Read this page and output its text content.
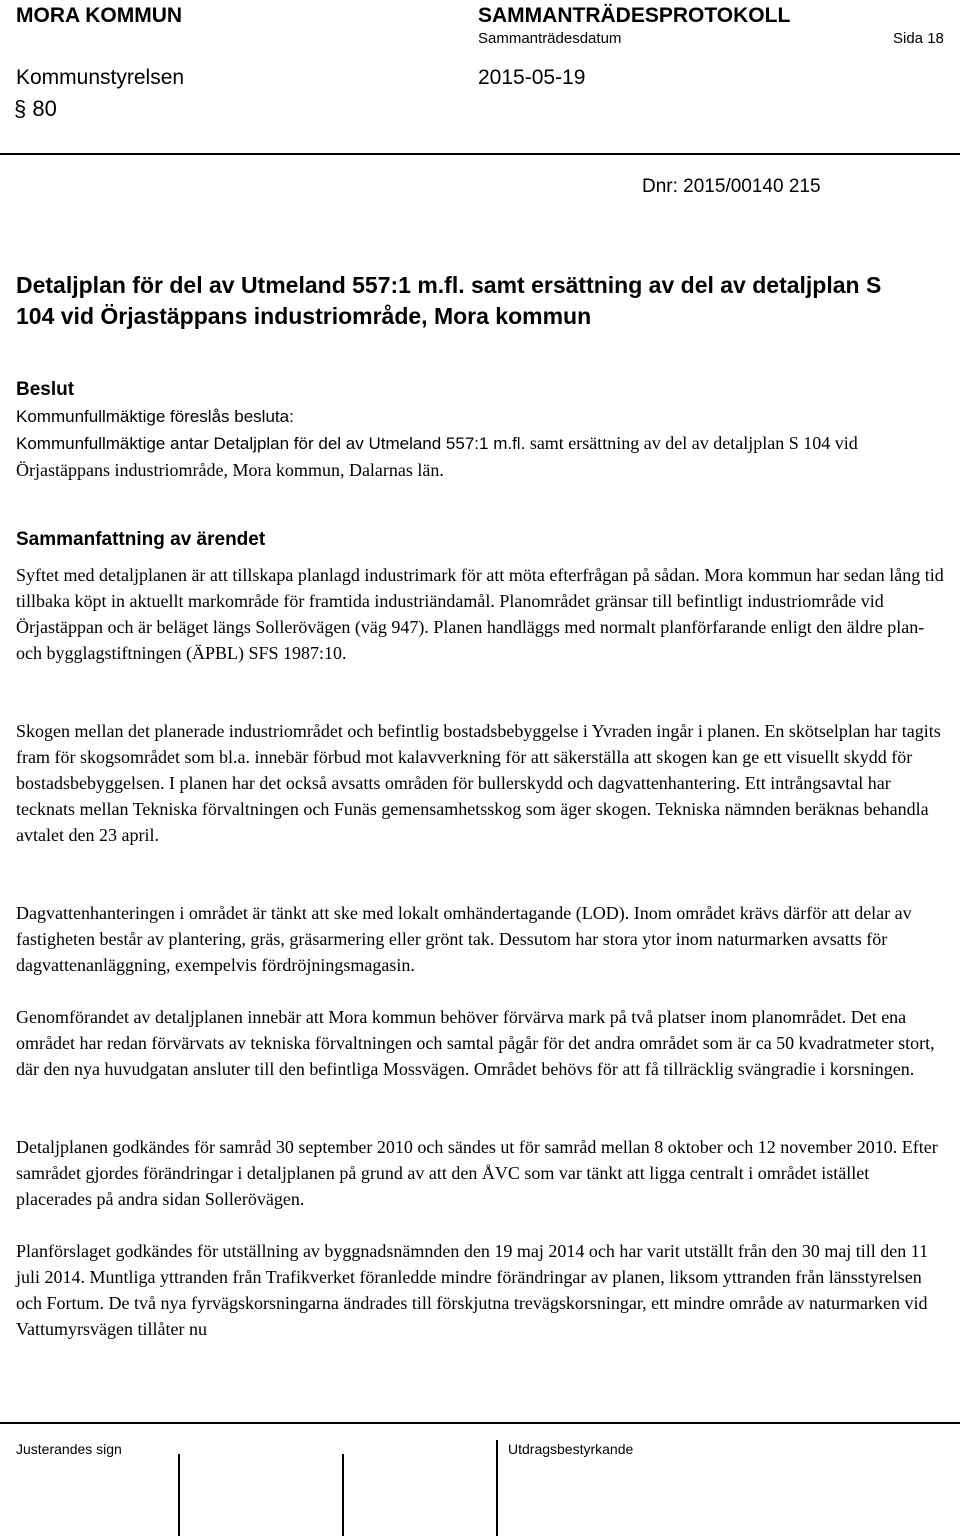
MORA KOMMUN	SAMMANTRÄDESPROTOKOLL
Sammanträdesdatum	Sida 18
Kommunstyrelsen	2015-05-19
§ 80
Dnr: 2015/00140 215
Detaljplan för del av Utmeland 557:1 m.fl. samt ersättning av del av detaljplan S 104 vid Örjastäppans industriområde, Mora kommun
Beslut
Kommunfullmäktige föreslås besluta:
Kommunfullmäktige antar Detaljplan för del av Utmeland 557:1 m.fl. samt ersättning av del av detaljplan S 104 vid Örjastäppans industriområde, Mora kommun, Dalarnas län.
Sammanfattning av ärendet
Syftet med detaljplanen är att tillskapa planlagd industrimark för att möta efterfrågan på sådan. Mora kommun har sedan lång tid tillbaka köpt in aktuellt markområde för framtida industriändamål. Planområdet gränsar till befintligt industriområde vid Örjastäppan och är beläget längs Sollerövägen (väg 947). Planen handläggs med normalt planförfarande enligt den äldre plan- och bygglagstiftningen (ÄPBL) SFS 1987:10.
Skogen mellan det planerade industriområdet och befintlig bostadsbebyggelse i Yvraden ingår i planen. En skötselplan har tagits fram för skogsområdet som bl.a. innebär förbud mot kalavverkning för att säkerställa att skogen kan ge ett visuellt skydd för bostadsbebyggelsen. I planen har det också avsatts områden för bullerskydd och dagvattenhantering. Ett intrångsavtal har tecknats mellan Tekniska förvaltningen och Funäs gemensamhetsskog som äger skogen. Tekniska nämnden beräknas behandla avtalet den 23 april.
Dagvattenhanteringen i området är tänkt att ske med lokalt omhändertagande (LOD). Inom området krävs därför att delar av fastigheten består av plantering, gräs, gräsarmering eller grönt tak. Dessutom har stora ytor inom naturmarken avsatts för dagvattenanläggning, exempelvis fördröjningsmagasin.
Genomförandet av detaljplanen innebär att Mora kommun behöver förvärva mark på två platser inom planområdet. Det ena området har redan förvärvats av tekniska förvaltningen och samtal pågår för det andra området som är ca 50 kvadratmeter stort, där den nya huvudgatan ansluter till den befintliga Mossvägen. Området behövs för att få tillräcklig svängradie i korsningen.
Detaljplanen godkändes för samråd 30 september 2010 och sändes ut för samråd mellan 8 oktober och 12 november 2010. Efter samrådet gjordes förändringar i detaljplanen på grund av att den ÅVC som var tänkt att ligga centralt i området istället placerades på andra sidan Sollerövägen.
Planförslaget godkändes för utställning av byggnadsnämnden den 19 maj 2014 och har varit utställt från den 30 maj till den 11 juli 2014. Muntliga yttranden från Trafikverket föranledde mindre förändringar av planen, liksom yttranden från länsstyrelsen och Fortum. De två nya fyrvägskorsningarna ändrades till förskjutna trevägskorsningar, ett mindre område av naturmarken vid Vattumyrsvägen tillåter nu
Justerandes sign	Utdragsbestyrkande
